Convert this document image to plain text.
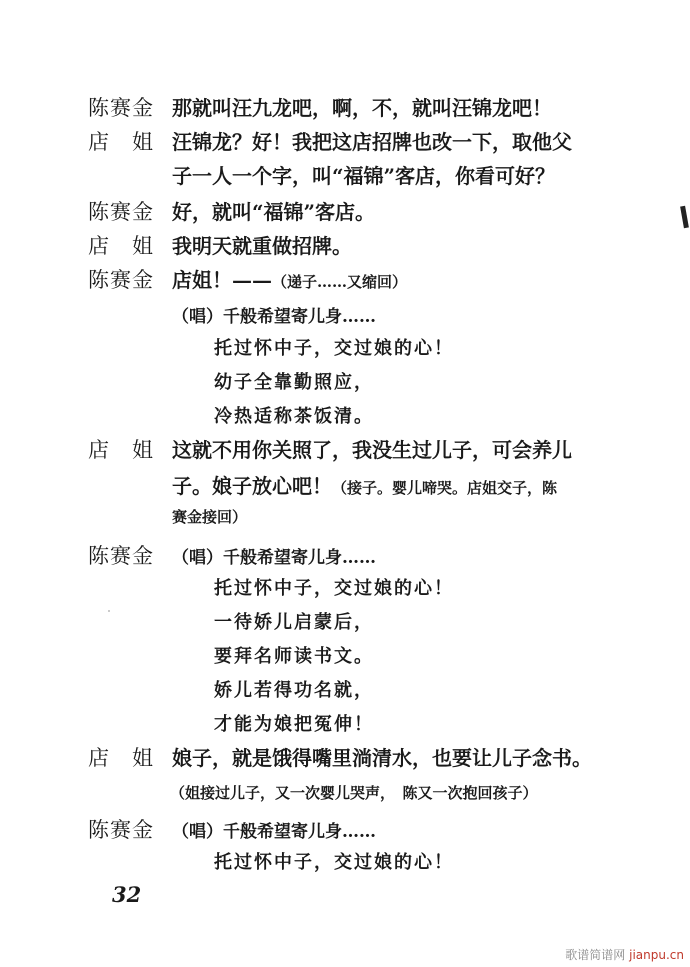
陈赛金 那就叫汪九龙吧，啊，不，就叫汪锦龙吧！
店　姐 汪锦龙？好！我把这店招牌也改一下，取他父
子一人一个字，叫“福锦”客店，你看可好？
陈赛金 好，就叫“福锦”客店。
店　姐 我明天就重做招牌。
陈赛金 店姐！——（递子……又缩回）
（唱）千般希望寄儿身……
托过怀中子，交过娘的心！
幼子全靠勤照应，
冷热适称茶饭清。
店　姐 这就不用你关照了，我没生过儿子，可会养儿
子。娘子放心吧！（接子。婴儿啼哭。店姐交子，陈
赛金接回）
陈赛金 （唱）千般希望寄儿身……
托过怀中子，交过娘的心！
一待娇儿启蒙后，
要拜名师读书文。
娇儿若得功名就，
才能为娘把冤伸！
店　姐 娘子，就是饿得嘴里淌清水，也要让儿子念书。
（姐接过儿子，又一次婴儿哭声，　陈又一次抱回孩子）
陈赛金 （唱）千般希望寄儿身……
托过怀中子，交过娘的心！
32
歌谱简谱网 jianpu.cn
